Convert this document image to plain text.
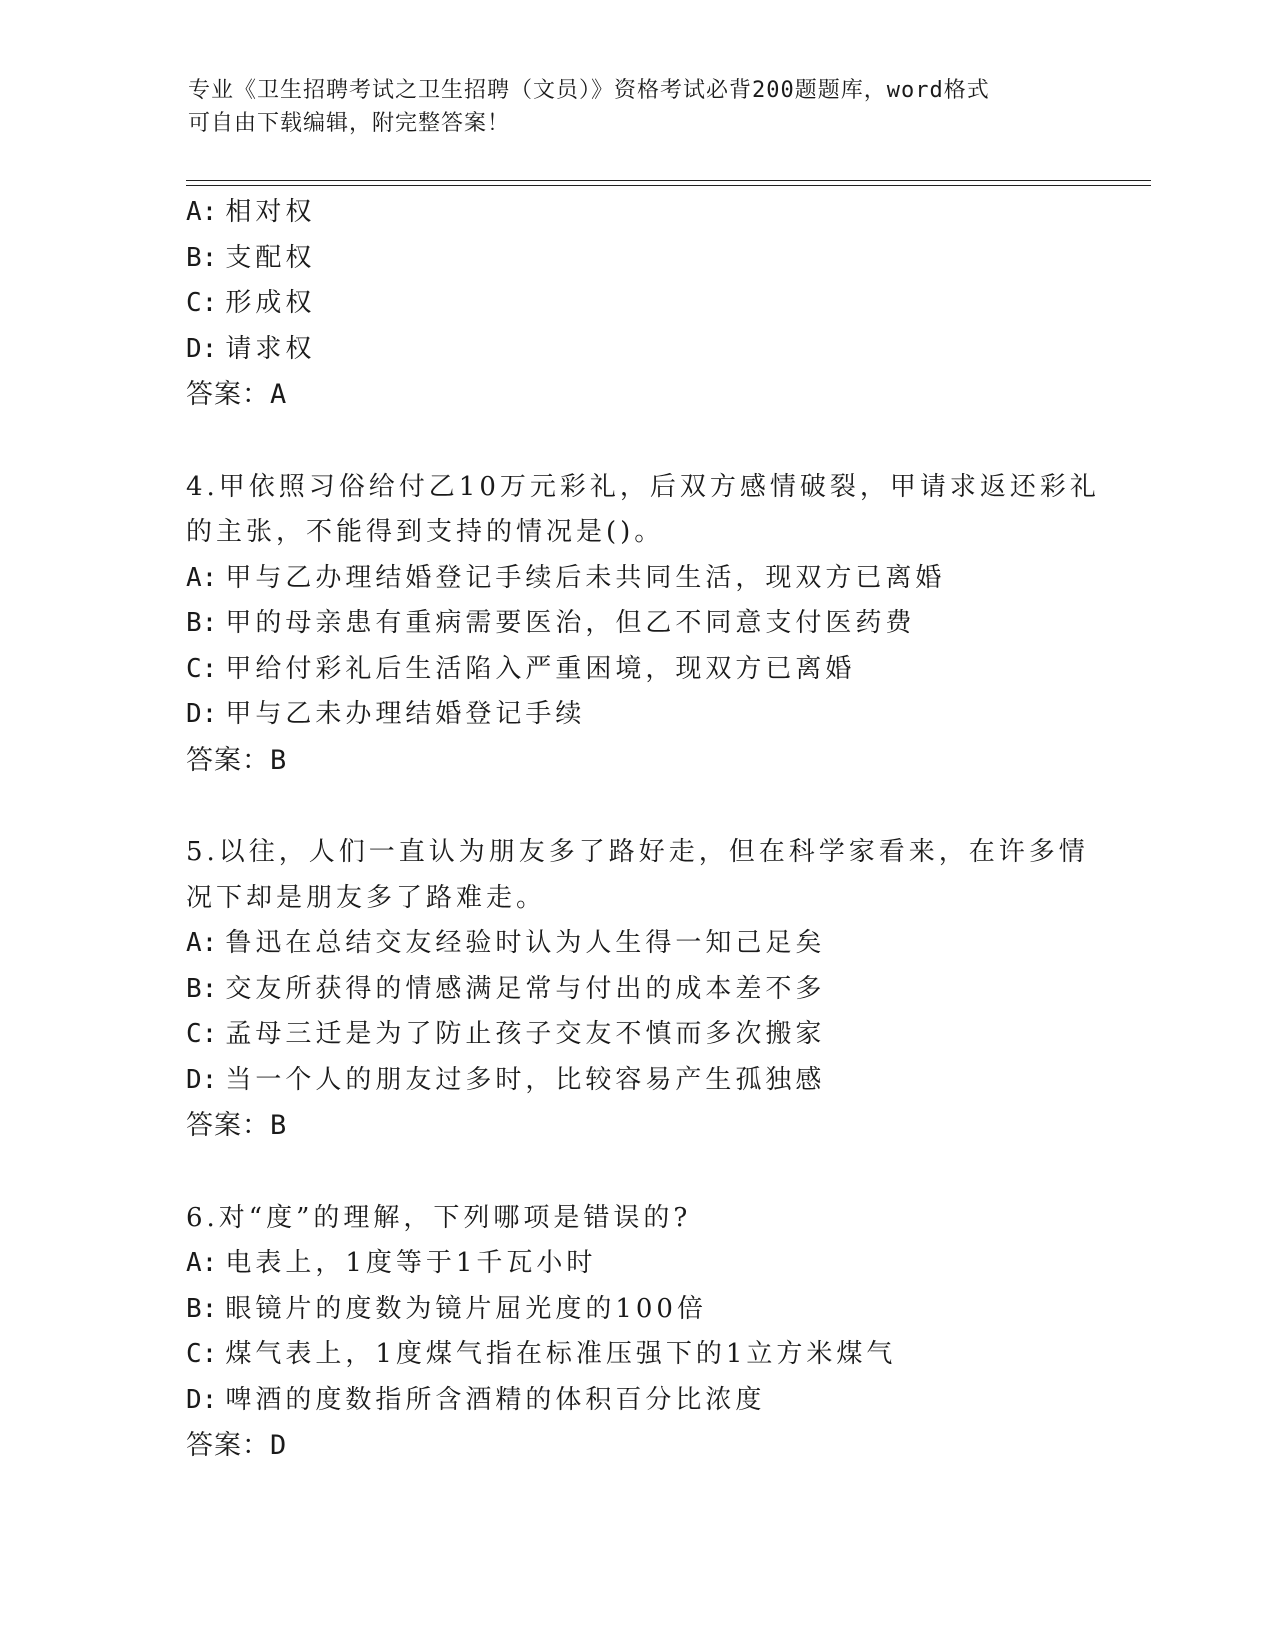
专业《卫生招聘考试之卫生招聘（文员）》资格考试必背200题题库，word格式
可自由下载编辑，附完整答案！
A: 相对权
B: 支配权
C: 形成权
D: 请求权
答案：A
4.甲依照习俗给付乙10万元彩礼，后双方感情破裂，甲请求返还彩礼
的主张，不能得到支持的情况是()。
A: 甲与乙办理结婚登记手续后未共同生活，现双方已离婚
B: 甲的母亲患有重病需要医治，但乙不同意支付医药费
C: 甲给付彩礼后生活陷入严重困境，现双方已离婚
D: 甲与乙未办理结婚登记手续
答案：B
5.以往，人们一直认为朋友多了路好走，但在科学家看来，在许多情
况下却是朋友多了路难走。
A: 鲁迅在总结交友经验时认为人生得一知己足矣
B: 交友所获得的情感满足常与付出的成本差不多
C: 孟母三迁是为了防止孩子交友不慎而多次搬家
D: 当一个人的朋友过多时，比较容易产生孤独感
答案：B
6.对“度”的理解，下列哪项是错误的?
A: 电表上，1度等于1千瓦小时
B: 眼镜片的度数为镜片屈光度的100倍
C: 煤气表上，1度煤气指在标准压强下的1立方米煤气
D: 啤酒的度数指所含酒精的体积百分比浓度
答案：D
